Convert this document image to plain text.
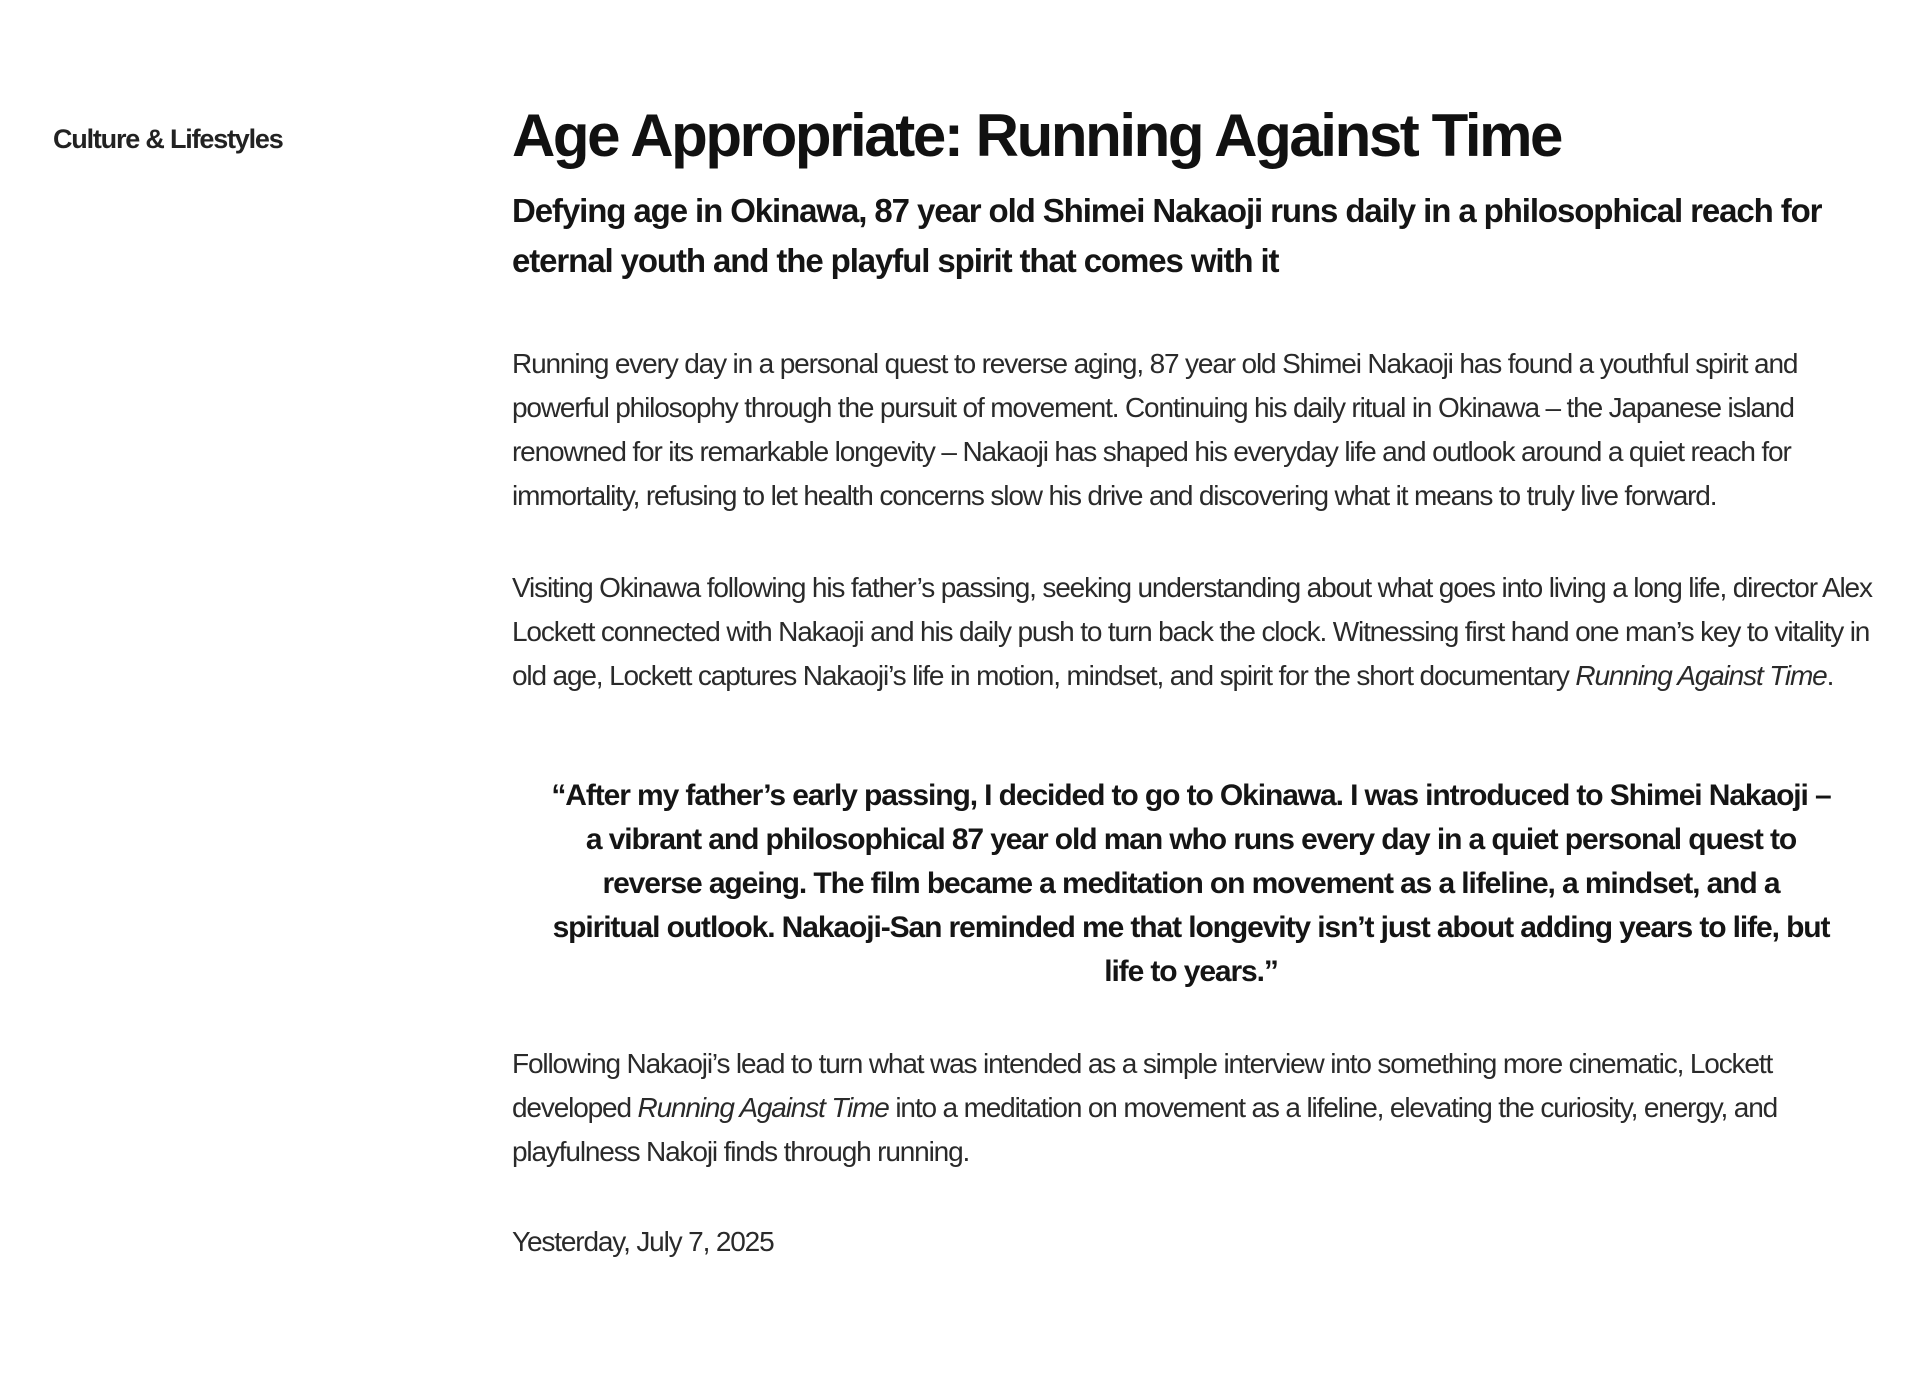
Culture & Lifestyles	Age Appropriate: Running Against Time
Defying age in Okinawa, 87 year old Shimei Nakaoji runs daily in a philosophical reach for eternal youth and the playful spirit that comes with it

Running every day in a personal quest to reverse aging, 87 year old Shimei Nakaoji has found a youthful spirit and powerful philosophy through the pursuit of movement. Continuing his daily ritual in Okinawa – the Japanese island renowned for its remarkable longevity – Nakaoji has shaped his everyday life and outlook around a quiet reach for immortality, refusing to let health concerns slow his drive and discovering what it means to truly live forward.

Visiting Okinawa following his father’s passing, seeking understanding about what goes into living a long life, director Alex Lockett connected with Nakaoji and his daily push to turn back the clock. Witnessing first hand one man’s key to vitality in old age, Lockett captures Nakaoji’s life in motion, mindset, and spirit for the short documentary Running Against Time.

“After my father’s early passing, I decided to go to Okinawa. I was introduced to Shimei Nakaoji – a vibrant and philosophical 87 year old man who runs every day in a quiet personal quest to reverse ageing. The film became a meditation on movement as a lifeline, a mindset, and a spiritual outlook. Nakaoji-San reminded me that longevity isn’t just about adding years to life, but life to years.”

Following Nakaoji’s lead to turn what was intended as a simple interview into something more cinematic, Lockett developed Running Against Time into a meditation on movement as a lifeline, elevating the curiosity, energy, and playfulness Nakoji finds through running.

Yesterday, July 7, 2025
